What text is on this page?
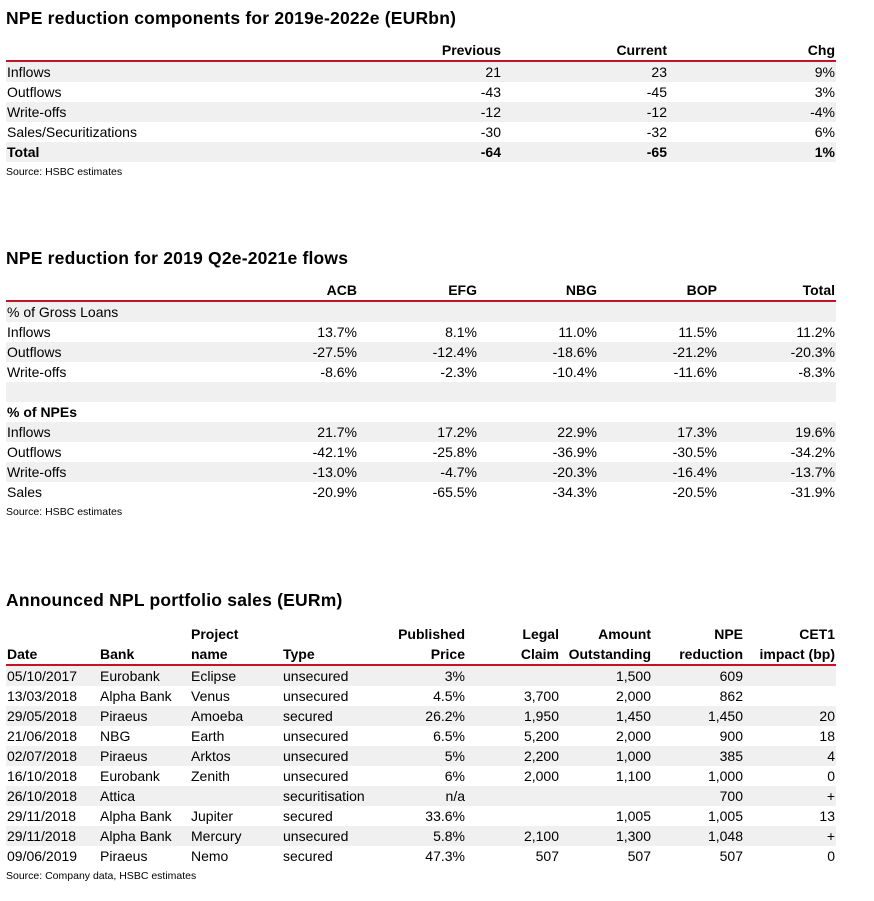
NPE reduction components for 2019e-2022e (EURbn)
	Previous	Current	Chg
Inflows	21	23	9%
Outflows	-43	-45	3%
Write-offs	-12	-12	-4%
Sales/Securitizations	-30	-32	6%
Total	-64	-65	1%
Source: HSBC estimates
NPE reduction for 2019 Q2e-2021e flows
	ACB	EFG	NBG	BOP	Total
% of Gross Loans					
Inflows	13.7%	8.1%	11.0%	11.5%	11.2%
Outflows	-27.5%	-12.4%	-18.6%	-21.2%	-20.3%
Write-offs	-8.6%	-2.3%	-10.4%	-11.6%	-8.3%

% of NPEs					
Inflows	21.7%	17.2%	22.9%	17.3%	19.6%
Outflows	-42.1%	-25.8%	-36.9%	-30.5%	-34.2%
Write-offs	-13.0%	-4.7%	-20.3%	-16.4%	-13.7%
Sales	-20.9%	-65.5%	-34.3%	-20.5%	-31.9%
Source: HSBC estimates
Announced NPL portfolio sales (EURm)
		Project		Published	Legal	Amount	NPE	CET1
Date	Bank	name	Type	Price	Claim	Outstanding	reduction	impact (bp)
05/10/2017	Eurobank	Eclipse	unsecured	3%		1,500	609	
13/03/2018	Alpha Bank	Venus	unsecured	4.5%	3,700	2,000	862	
29/05/2018	Piraeus	Amoeba	secured	26.2%	1,950	1,450	1,450	20
21/06/2018	NBG	Earth	unsecured	6.5%	5,200	2,000	900	18
02/07/2018	Piraeus	Arktos	unsecured	5%	2,200	1,000	385	4
16/10/2018	Eurobank	Zenith	unsecured	6%	2,000	1,100	1,000	0
26/10/2018	Attica		securitisation	n/a			700	+
29/11/2018	Alpha Bank	Jupiter	secured	33.6%		1,005	1,005	13
29/11/2018	Alpha Bank	Mercury	unsecured	5.8%	2,100	1,300	1,048	+
09/06/2019	Piraeus	Nemo	secured	47.3%	507	507	507	0
Source: Company data, HSBC estimates
